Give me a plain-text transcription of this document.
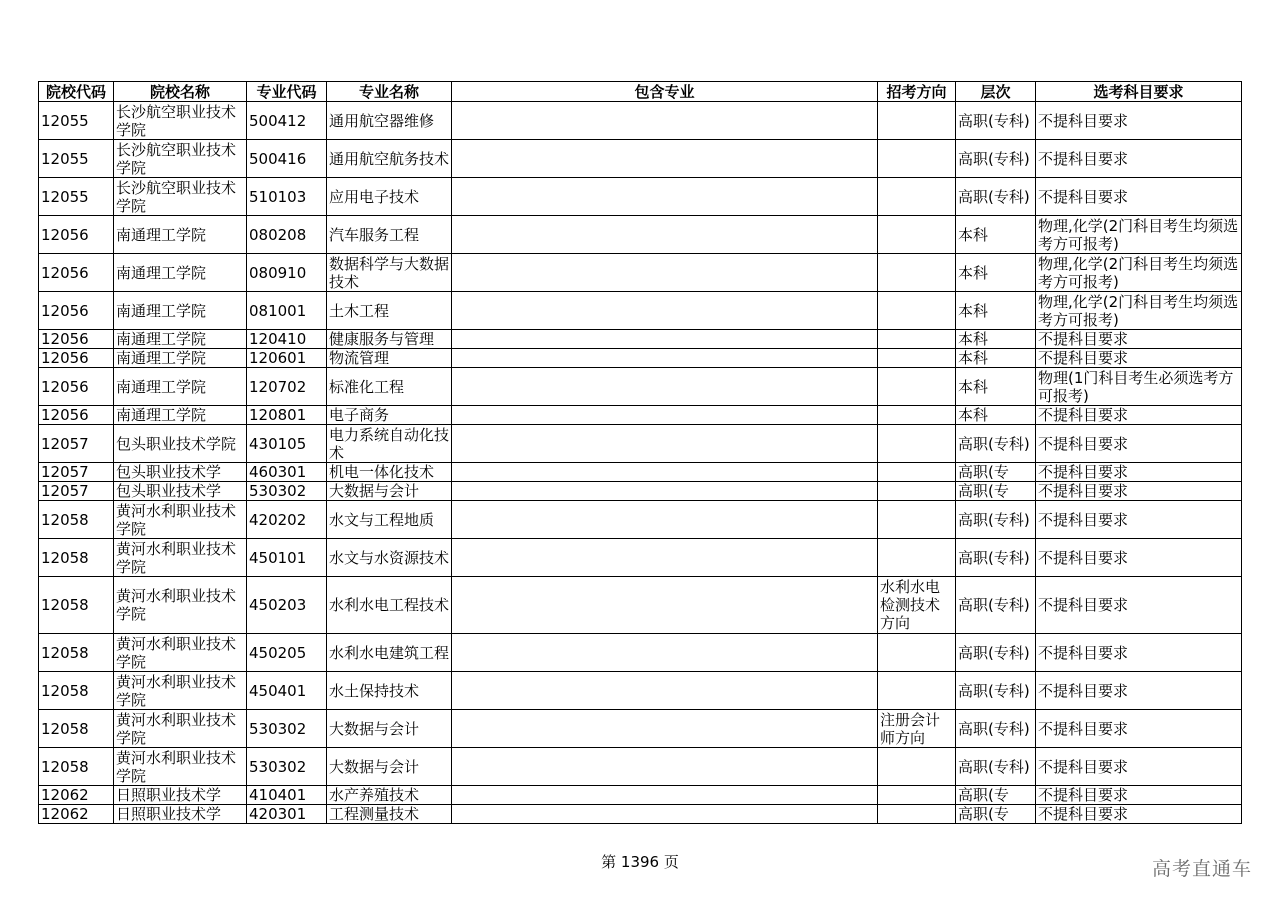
院校代码	院校名称	专业代码	专业名称	包含专业	招考方向	层次	选考科目要求
12055	长沙航空职业技术学院	500412	通用航空器维修			高职(专科)	不提科目要求
12055	长沙航空职业技术学院	500416	通用航空航务技术			高职(专科)	不提科目要求
12055	长沙航空职业技术学院	510103	应用电子技术			高职(专科)	不提科目要求
12056	南通理工学院	080208	汽车服务工程			本科	物理,化学(2门科目考生均须选考方可报考)
12056	南通理工学院	080910	数据科学与大数据技术			本科	物理,化学(2门科目考生均须选考方可报考)
12056	南通理工学院	081001	土木工程			本科	物理,化学(2门科目考生均须选考方可报考)
12056	南通理工学院	120410	健康服务与管理			本科	不提科目要求
12056	南通理工学院	120601	物流管理			本科	不提科目要求
12056	南通理工学院	120702	标准化工程			本科	物理(1门科目考生必须选考方可报考)
12056	南通理工学院	120801	电子商务			本科	不提科目要求
12057	包头职业技术学院	430105	电力系统自动化技术			高职(专科)	不提科目要求
12057	包头职业技术学	460301	机电一体化技术			高职(专	不提科目要求
12057	包头职业技术学	530302	大数据与会计			高职(专	不提科目要求
12058	黄河水利职业技术学院	420202	水文与工程地质			高职(专科)	不提科目要求
12058	黄河水利职业技术学院	450101	水文与水资源技术			高职(专科)	不提科目要求
12058	黄河水利职业技术学院	450203	水利水电工程技术		水利水电检测技术方向	高职(专科)	不提科目要求
12058	黄河水利职业技术学院	450205	水利水电建筑工程			高职(专科)	不提科目要求
12058	黄河水利职业技术学院	450401	水土保持技术			高职(专科)	不提科目要求
12058	黄河水利职业技术学院	530302	大数据与会计		注册会计师方向	高职(专科)	不提科目要求
12058	黄河水利职业技术学院	530302	大数据与会计			高职(专科)	不提科目要求
12062	日照职业技术学	410401	水产养殖技术			高职(专	不提科目要求
12062	日照职业技术学	420301	工程测量技术			高职(专	不提科目要求
第 1396 页	高考直通车
